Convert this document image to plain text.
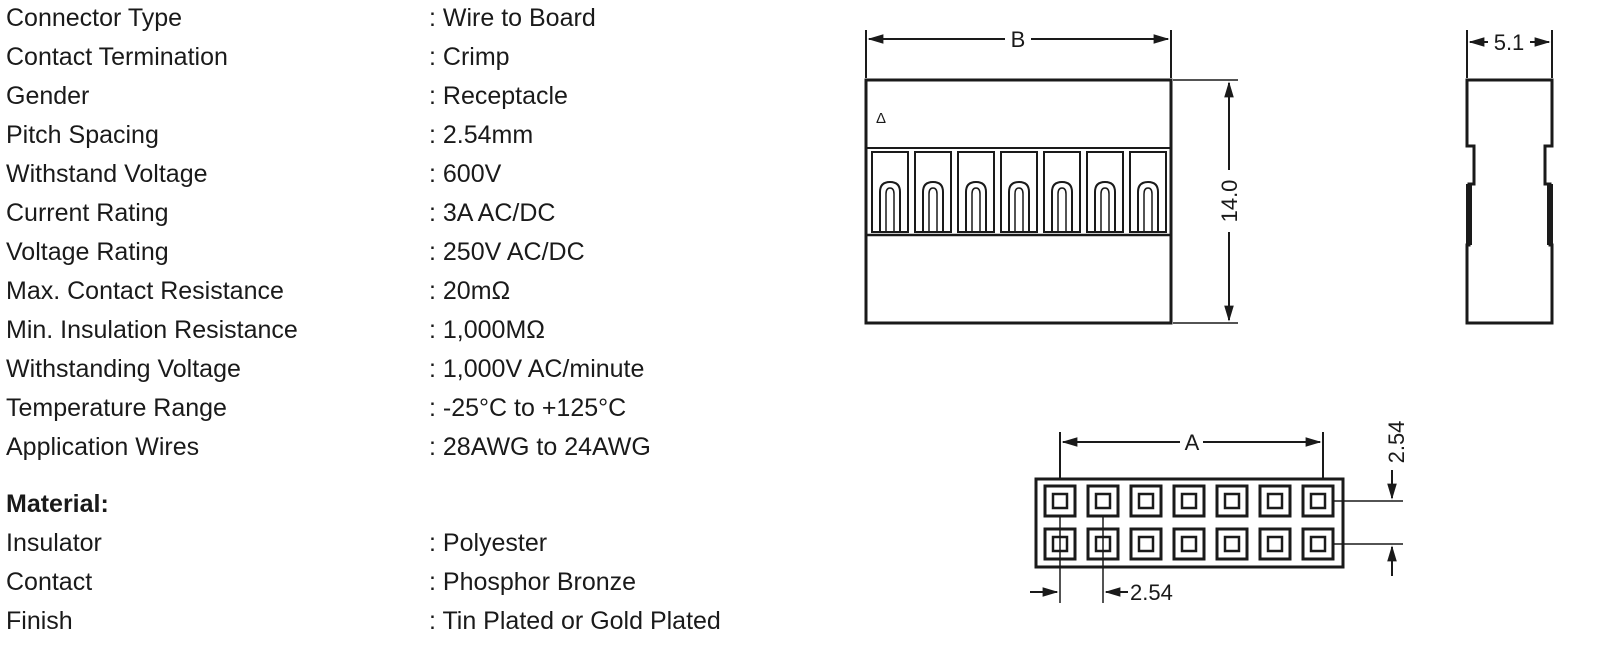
Connector Type	: Wire to Board
Contact Termination	: Crimp
Gender	: Receptacle
Pitch Spacing	: 2.54mm
Withstand Voltage	: 600V
Current Rating	: 3A AC/DC
Voltage Rating	: 250V AC/DC
Max. Contact Resistance	: 20mΩ
Min. Insulation Resistance	: 1,000MΩ
Withstanding Voltage	: 1,000V AC/minute
Temperature Range	: -25°C to +125°C
Application Wires	: 28AWG to 24AWG
Material:
Insulator	: Polyester
Contact	: Phosphor Bronze
Finish	: Tin Plated or Gold Plated
B
Δ
14.0
5.1
A	2.54
2.54
